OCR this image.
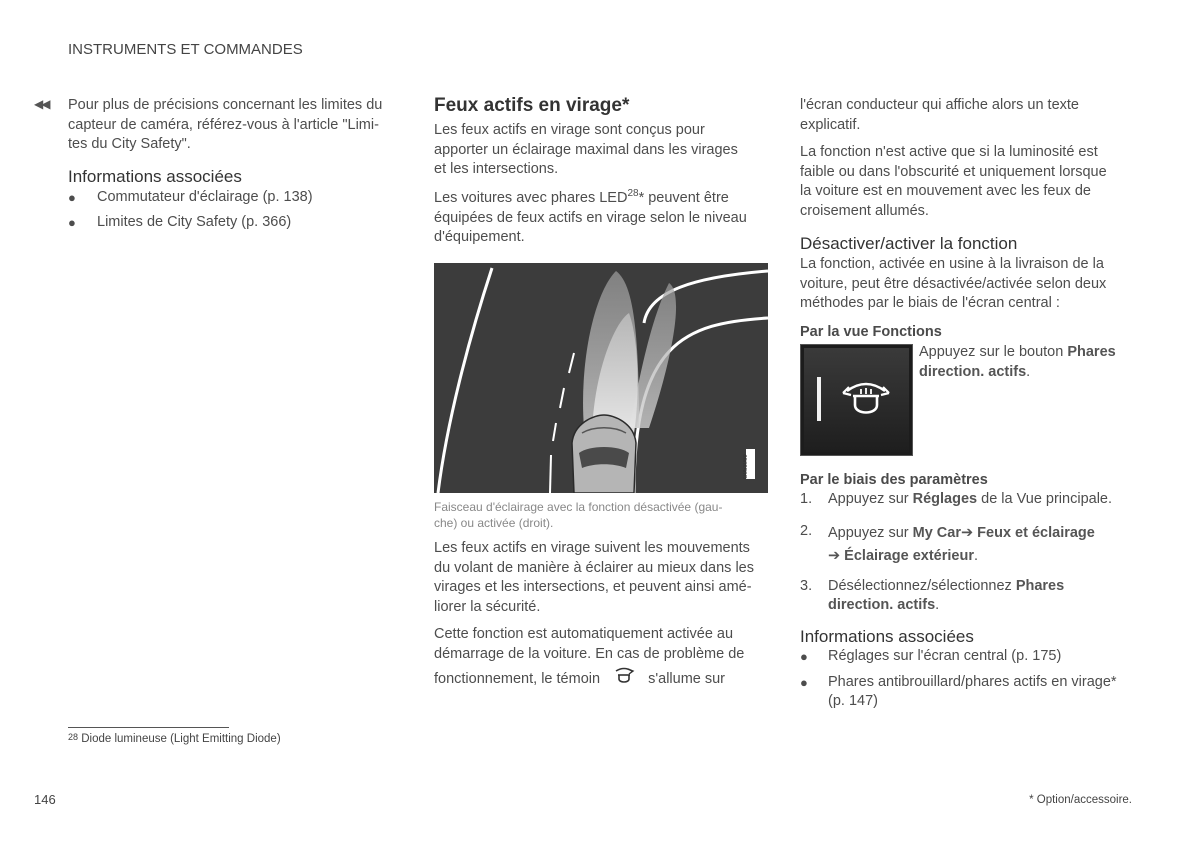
INSTRUMENTS ET COMMANDES
◀◀ Pour plus de précisions concernant les limites du

capteur de caméra, référez-vous à l'article "Limi-

tes du City Safety".

Informations associées
● Commutateur d'éclairage (p. 138)
● Limites de City Safety (p. 366)
Feux actifs en virage*

Les feux actifs en virage sont conçus pour

apporter un éclairage maximal dans les virages

et les intersections.

Les voitures avec phares LED$^{28}$* peuvent être

équipées de feux actifs en virage selon le niveau

d'équipement.

G053069
Faisceau d'éclairage avec la fonction désactivée (gau-
che) ou activée (droit).

Les feux actifs en virage suivent les mouvements

du volant de manière à éclairer au mieux dans les

virages et les intersections, et peuvent ainsi amé-

liorer la sécurité.

Cette fonction est automatiquement activée au

démarrage de la voiture. En cas de problème de

fonctionnement, le témoin	s'allume sur

l'écran conducteur qui affiche alors un texte

explicatif.

La fonction n'est active que si la luminosité est

faible ou dans l'obscurité et uniquement lorsque

la voiture est en mouvement avec les feux de

croisement allumés.

Désactiver/activer la fonction

La fonction, activée en usine à la livraison de la

voiture, peut être désactivée/activée selon deux

méthodes par le biais de l'écran central :

Par la vue Fonctions

Appuyez sur le bouton Phares

direction. actifs.

Par le biais des paramètres
1. Appuyez sur Réglages de la Vue principale.

2. Appuyez sur My Car➔ Feux et éclairage

➔ Éclairage extérieur.

3. Désélectionnez/sélectionnez Phares

direction. actifs.

Informations associées
● Réglages sur l'écran central (p. 175)
● Phares antibrouillard/phares actifs en virage*

(p. 147)

28 Diode lumineuse (Light Emitting Diode)
146	* Option/accessoire.
